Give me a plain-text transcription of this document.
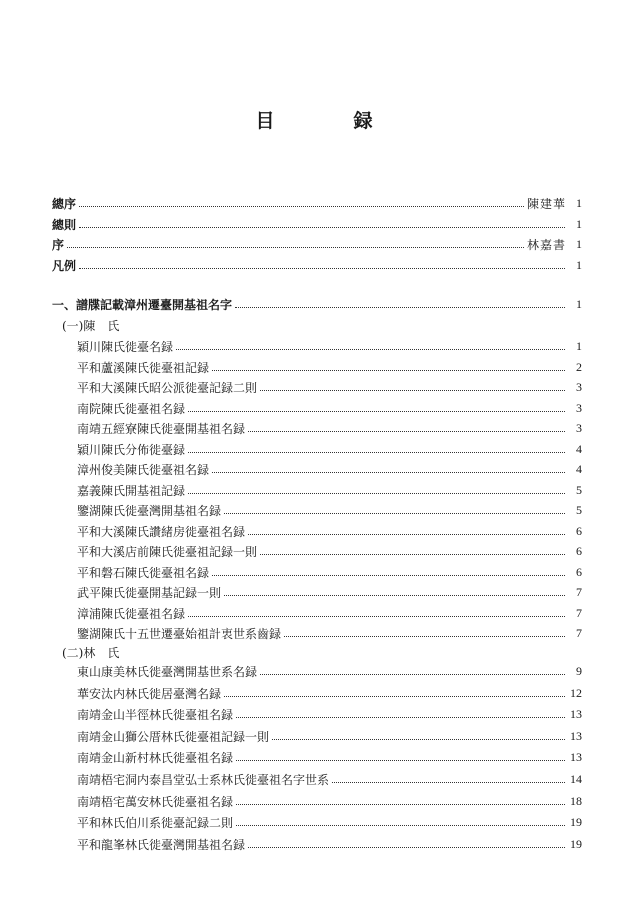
目　録
總序	陳建華 1
總則	1
序	林嘉書 1
凡例	1
一、譜牒記載漳州遷臺開基祖名字	1
(一)陳　氏
穎川陳氏徙臺名録	1
平和蘆溪陳氏徙臺祖記録	2
平和大溪陳氏昭公派徙臺記録二則	3
南院陳氏徙臺祖名録	3
南靖五經寮陳氏徙臺開基祖名録	3
穎川陳氏分佈徙臺録	4
漳州俊美陳氏徙臺祖名録	4
嘉義陳氏開基祖記録	5
鑒湖陳氏徙臺灣開基祖名録	5
平和大溪陳氏讚緒房徙臺祖名録	6
平和大溪店前陳氏徙臺祖記録一則	6
平和磐石陳氏徙臺祖名録	6
武平陳氏徙臺開基記録一則	7
漳浦陳氏徙臺祖名録	7
鑒湖陳氏十五世遷臺始祖計衷世系齒録	7
(二)林　氏
東山康美林氏徙臺灣開基世系名録	9
華安汰内林氏徙居臺灣名録	12
南靖金山半徑林氏徙臺祖名録	13
南靖金山獅公厝林氏徙臺祖記録一則	13
南靖金山新村林氏徙臺祖名録	13
南靖梧宅洞内泰昌堂弘士系林氏徙臺祖名字世系	14
南靖梧宅萬安林氏徙臺祖名録	18
平和林氏伯川系徙臺記録二則	19
平和龍峯林氏徙臺灣開基祖名録	19
